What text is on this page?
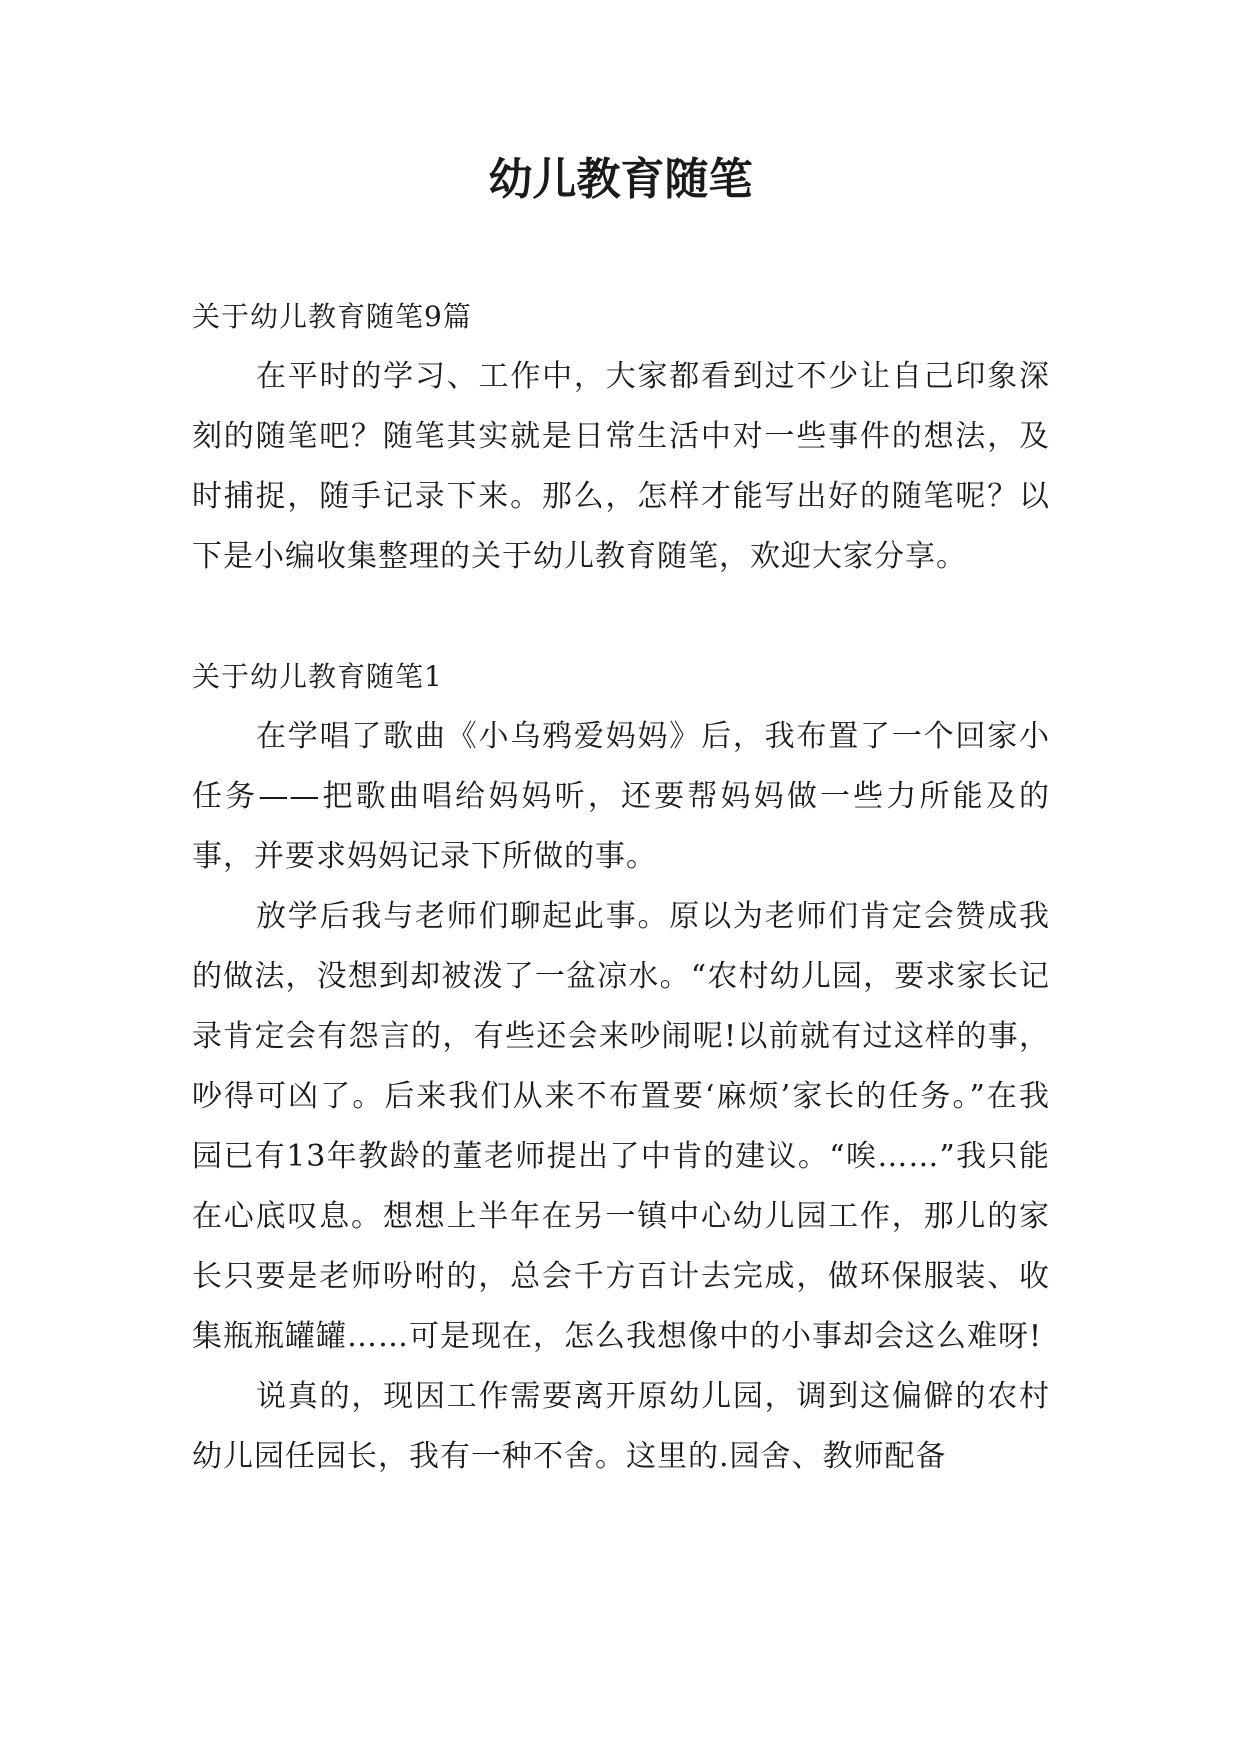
幼儿教育随笔

关于幼儿教育随笔9篇

在平时的学习、工作中，大家都看到过不少让自己印象深刻的随笔吧？随笔其实就是日常生活中对一些事件的想法，及时捕捉，随手记录下来。那么，怎样才能写出好的随笔呢？以下是小编收集整理的关于幼儿教育随笔，欢迎大家分享。

关于幼儿教育随笔1

在学唱了歌曲《小乌鸦爱妈妈》后，我布置了一个回家小任务——把歌曲唱给妈妈听，还要帮妈妈做一些力所能及的事，并要求妈妈记录下所做的事。

放学后我与老师们聊起此事。原以为老师们肯定会赞成我的做法，没想到却被泼了一盆凉水。“农村幼儿园，要求家长记录肯定会有怨言的，有些还会来吵闹呢!以前就有过这样的事，吵得可凶了。后来我们从来不布置要‘麻烦’家长的任务。”在我园已有13年教龄的董老师提出了中肯的建议。“唉……”我只能在心底叹息。想想上半年在另一镇中心幼儿园工作，那儿的家长只要是老师吩咐的，总会千方百计去完成，做环保服装、收集瓶瓶罐罐……可是现在，怎么我想像中的小事却会这么难呀!

说真的，现因工作需要离开原幼儿园，调到这偏僻的农村幼儿园任园长，我有一种不舍。这里的.园舍、教师配备
